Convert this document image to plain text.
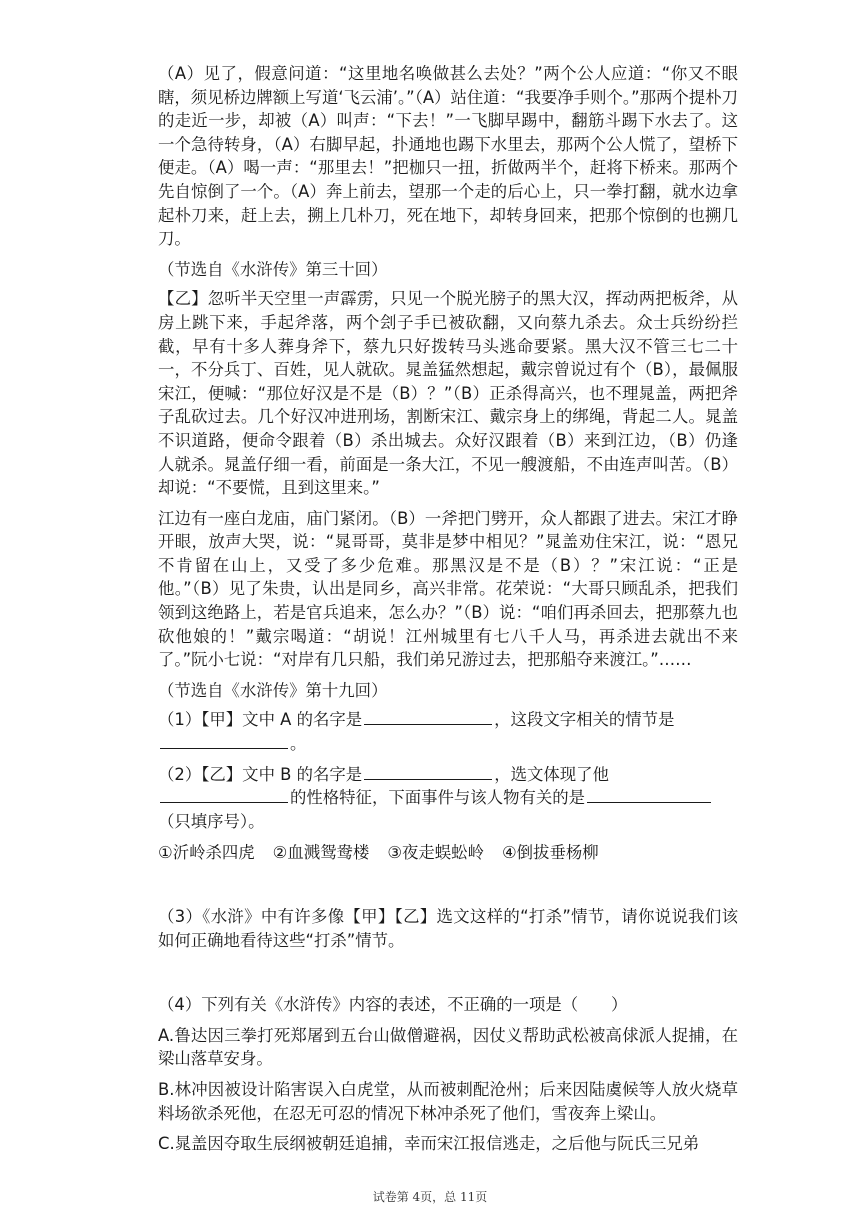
（A）见了，假意问道：“这里地名唤做甚么去处？”两个公人应道：“你又不眼瞎，须见桥边牌额上写道‘飞云浦’。”（A）站住道：“我要净手则个。”那两个提朴刀的走近一步，却被（A）叫声：“下去！”一飞脚早踢中，翻筋斗踢下水去了。这一个急待转身，（A）右脚早起，扑通地也踢下水里去，那两个公人慌了，望桥下便走。（A）喝一声：“那里去！”把枷只一扭，折做两半个，赶将下桥来。那两个先自惊倒了一个。（A）奔上前去，望那一个走的后心上，只一拳打翻，就水边拿起朴刀来，赶上去，搠上几朴刀，死在地下，却转身回来，把那个惊倒的也搠几刀。

（节选自《水浒传》第三十回）

【乙】忽听半天空里一声霹雳，只见一个脱光膀子的黑大汉，挥动两把板斧，从房上跳下来，手起斧落，两个刽子手已被砍翻，又向蔡九杀去。众士兵纷纷拦截，早有十多人葬身斧下，蔡九只好拨转马头逃命要紧。黑大汉不管三七二十一，不分兵丁、百姓，见人就砍。晁盖猛然想起，戴宗曾说过有个（B），最佩服宋江，便喊：“那位好汉是不是（B）？”（B）正杀得高兴，也不理晁盖，两把斧子乱砍过去。几个好汉冲进刑场，割断宋江、戴宗身上的绑绳，背起二人。晁盖不识道路，便命令跟着（B）杀出城去。众好汉跟着（B）来到江边，（B）仍逢人就杀。晁盖仔细一看，前面是一条大江，不见一艘渡船，不由连声叫苦。（B）却说：“不要慌，且到这里来。”

江边有一座白龙庙，庙门紧闭。（B）一斧把门劈开，众人都跟了进去。宋江才睁开眼，放声大哭，说：“晁哥哥，莫非是梦中相见？”晁盖劝住宋江，说：“恩兄不肯留在山上，又受了多少危难。那黑汉是不是（B）？”宋江说：“正是他。”（B）见了朱贵，认出是同乡，高兴非常。花荣说：“大哥只顾乱杀，把我们领到这绝路上，若是官兵追来，怎么办？”（B）说：“咱们再杀回去，把那蔡九也砍他娘的！”戴宗喝道：“胡说！江州城里有七八千人马，再杀进去就出不来了。”阮小七说：“对岸有几只船，我们弟兄游过去，把那船夺来渡江。”……

（节选自《水浒传》第十九回）

（1）【甲】文中 A 的名字是	，这段文字相关的情节是
。

（2）【乙】文中 B 的名字是	，选文体现了他
的性格特征，下面事件与该人物有关的是
（只填序号）。

①沂岭杀四虎 ②血溅鸳鸯楼 ③夜走蜈蚣岭 ④倒拔垂杨柳

（3）《水浒》中有许多像【甲】【乙】选文这样的“打杀”情节，请你说说我们该如何正确地看待这些“打杀”情节。

（4）下列有关《水浒传》内容的表述，不正确的一项是（　　）

A.鲁达因三拳打死郑屠到五台山做僧避祸，因仗义帮助武松被高俅派人捉捕，在梁山落草安身。

B.林冲因被设计陷害误入白虎堂，从而被刺配沧州；后来因陆虞候等人放火烧草料场欲杀死他，在忍无可忍的情况下林冲杀死了他们，雪夜奔上梁山。

C.晁盖因夺取生辰纲被朝廷追捕，幸而宋江报信逃走，之后他与阮氏三兄弟

试卷第 4页，总 11页
